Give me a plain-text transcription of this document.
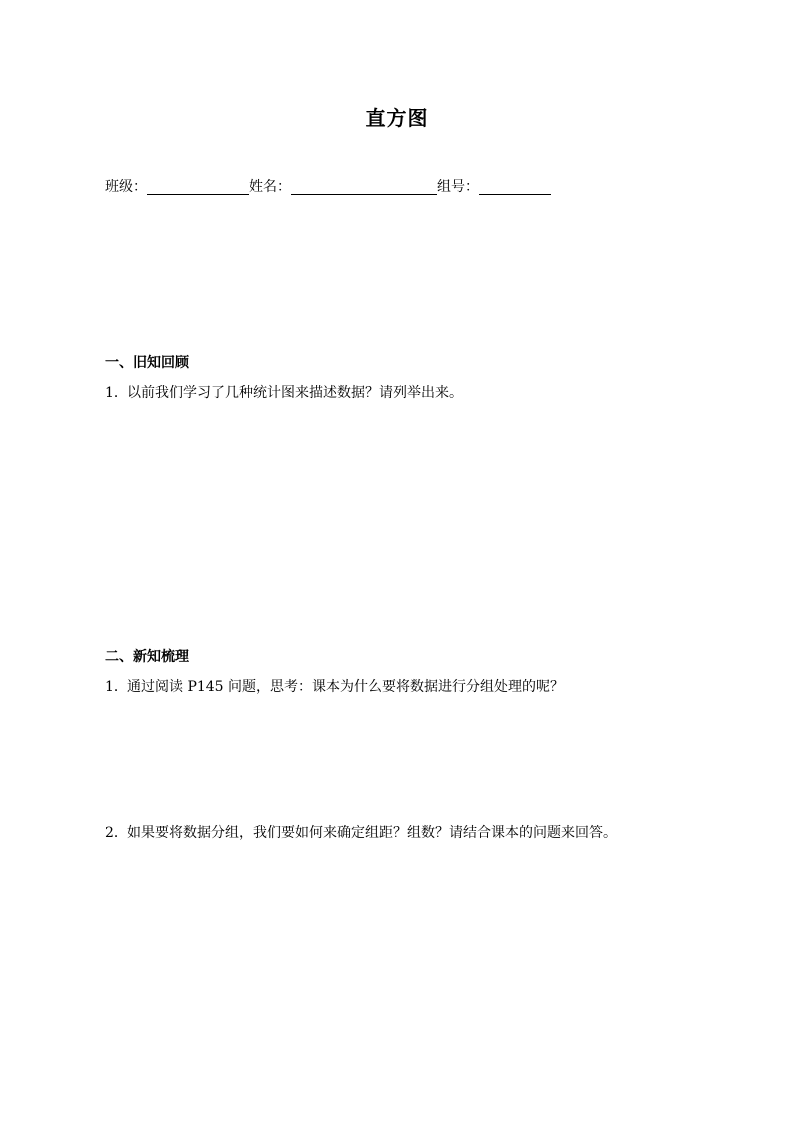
直方图
班级：	姓名：	组号：
一、旧知回顾
1．以前我们学习了几种统计图来描述数据？请列举出来。
二、新知梳理
1．通过阅读 P145 问题，思考：课本为什么要将数据进行分组处理的呢？
2．如果要将数据分组，我们要如何来确定组距？组数？请结合课本的问题来回答。
